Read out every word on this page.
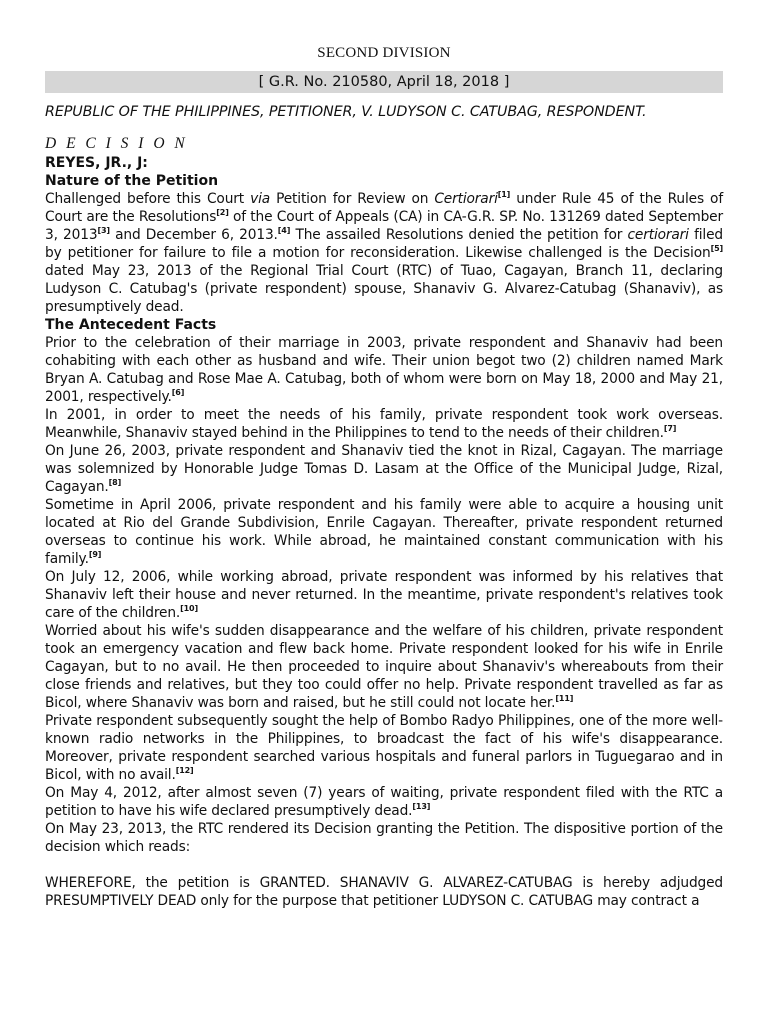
SECOND DIVISION
[ G.R. No. 210580, April 18, 2018 ]
REPUBLIC OF THE PHILIPPINES, PETITIONER, V. LUDYSON C. CATUBAG, RESPONDENT.
D E C I S I O N
REYES, JR., J:
Nature of the Petition

Challenged before this Court via Petition for Review on Certiorari[1] under Rule 45 of the Rules of Court are the Resolutions[2] of the Court of Appeals (CA) in CA-G.R. SP. No. 131269 dated September 3, 2013[3] and December 6, 2013.[4] The assailed Resolutions denied the petition for certiorari filed by petitioner for failure to file a motion for reconsideration. Likewise challenged is the Decision[5] dated May 23, 2013 of the Regional Trial Court (RTC) of Tuao, Cagayan, Branch 11, declaring Ludyson C. Catubag's (private respondent) spouse, Shanaviv G. Alvarez-Catubag (Shanaviv), as presumptively dead.

The Antecedent Facts

Prior to the celebration of their marriage in 2003, private respondent and Shanaviv had been cohabiting with each other as husband and wife. Their union begot two (2) children named Mark Bryan A. Catubag and Rose Mae A. Catubag, both of whom were born on May 18, 2000 and May 21, 2001, respectively.[6]

In 2001, in order to meet the needs of his family, private respondent took work overseas. Meanwhile, Shanaviv stayed behind in the Philippines to tend to the needs of their children.[7]

On June 26, 2003, private respondent and Shanaviv tied the knot in Rizal, Cagayan. The marriage was solemnized by Honorable Judge Tomas D. Lasam at the Office of the Municipal Judge, Rizal, Cagayan.[8]

Sometime in April 2006, private respondent and his family were able to acquire a housing unit located at Rio del Grande Subdivision, Enrile Cagayan. Thereafter, private respondent returned overseas to continue his work. While abroad, he maintained constant communication with his family.[9]

On July 12, 2006, while working abroad, private respondent was informed by his relatives that Shanaviv left their house and never returned. In the meantime, private respondent's relatives took care of the children.[10]

Worried about his wife's sudden disappearance and the welfare of his children, private respondent took an emergency vacation and flew back home. Private respondent looked for his wife in Enrile Cagayan, but to no avail. He then proceeded to inquire about Shanaviv's whereabouts from their close friends and relatives, but they too could offer no help. Private respondent travelled as far as Bicol, where Shanaviv was born and raised, but he still could not locate her.[11]

Private respondent subsequently sought the help of Bombo Radyo Philippines, one of the more well-known radio networks in the Philippines, to broadcast the fact of his wife's disappearance. Moreover, private respondent searched various hospitals and funeral parlors in Tuguegarao and in Bicol, with no avail.[12]

On May 4, 2012, after almost seven (7) years of waiting, private respondent filed with the RTC a petition to have his wife declared presumptively dead.[13]

On May 23, 2013, the RTC rendered its Decision granting the Petition. The dispositive portion of the decision which reads:

WHEREFORE, the petition is GRANTED. SHANAVIV G. ALVAREZ-CATUBAG is hereby adjudged PRESUMPTIVELY DEAD only for the purpose that petitioner LUDYSON C. CATUBAG may contract a
